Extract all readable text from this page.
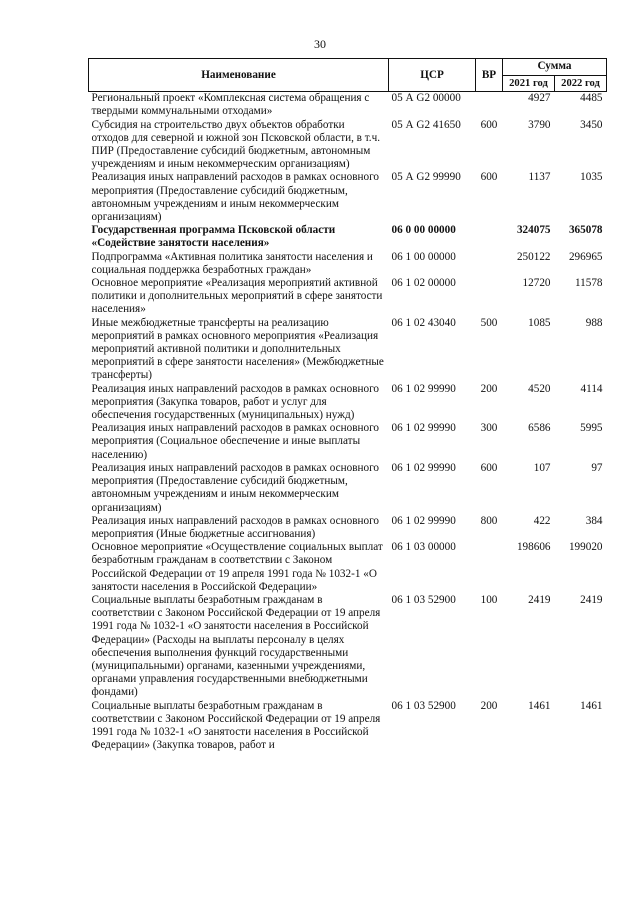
30
Наименование	ЦСР	ВР	Сумма	
			2021 год	2022 год
Региональный проект «Комплексная система обращения с твердыми коммунальными отходами»	05 А G2 00000		4927	4485
Субсидия на строительство двух объектов обработки отходов для северной и южной зон Псковской области, в т.ч. ПИР (Предоставление субсидий бюджетным, автономным учреждениям и иным некоммерческим организациям)	05 А G2 41650	600	3790	3450
Реализация иных направлений расходов в рамках основного мероприятия (Предоставление субсидий бюджетным, автономным учреждениям и иным некоммерческим организациям)	05 А G2 99990	600	1137	1035
Государственная программа Псковской области «Содействие занятости населения»	06 0 00 00000		324075	365078
Подпрограмма «Активная политика занятости населения и социальная поддержка безработных граждан»	06 1 00 00000		250122	296965
Основное мероприятие «Реализация мероприятий активной политики и дополнительных мероприятий в сфере занятости населения»	06 1 02 00000		12720	11578
Иные межбюджетные трансферты на реализацию мероприятий в рамках основного мероприятия «Реализация мероприятий активной политики и дополнительных мероприятий в сфере занятости населения» (Межбюджетные трансферты)	06 1 02 43040	500	1085	988
Реализация иных направлений расходов в рамках основного мероприятия (Закупка товаров, работ и услуг для обеспечения государственных (муниципальных) нужд)	06 1 02 99990	200	4520	4114
Реализация иных направлений расходов в рамках основного мероприятия (Социальное обеспечение и иные выплаты населению)	06 1 02 99990	300	6586	5995
Реализация иных направлений расходов в рамках основного мероприятия (Предоставление субсидий бюджетным, автономным учреждениям и иным некоммерческим организациям)	06 1 02 99990	600	107	97
Реализация иных направлений расходов в рамках основного мероприятия (Иные бюджетные ассигнования)	06 1 02 99990	800	422	384
Основное мероприятие «Осуществление социальных выплат безработным гражданам в соответствии с Законом Российской Федерации от 19 апреля 1991 года № 1032-1 «О занятости населения в Российской Федерации»	06 1 03 00000		198606	199020
Социальные выплаты безработным гражданам в соответствии с Законом Российской Федерации от 19 апреля 1991 года № 1032-1 «О занятости населения в Российской Федерации» (Расходы на выплаты персоналу в целях обеспечения выполнения функций государственными (муниципальными) органами, казенными учреждениями, органами управления государственными внебюджетными фондами)	06 1 03 52900	100	2419	2419
Социальные выплаты безработным гражданам в соответствии с Законом Российской Федерации от 19 апреля 1991 года № 1032-1 «О занятости населения в Российской Федерации» (Закупка товаров, работ и	06 1 03 52900	200	1461	1461
